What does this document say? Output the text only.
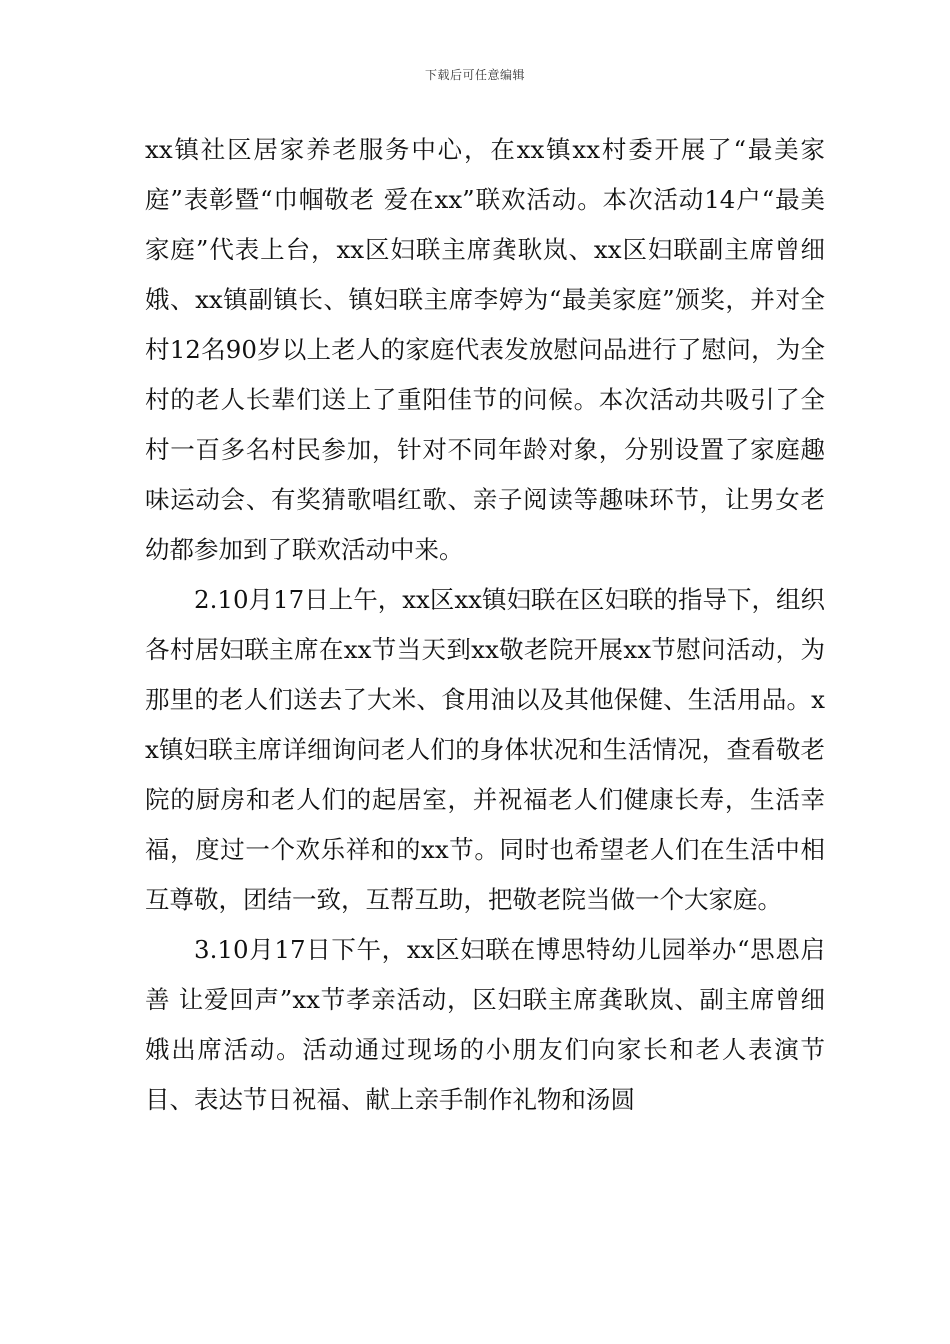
下载后可任意编辑

xx镇社区居家养老服务中心，在xx镇xx村委开展了“最美家庭”表彰暨“巾帼敬老 爱在xx”联欢活动。本次活动14户“最美家庭”代表上台，xx区妇联主席龚耿岚、xx区妇联副主席曾细娥、xx镇副镇长、镇妇联主席李婷为“最美家庭”颁奖，并对全村12名90岁以上老人的家庭代表发放慰问品进行了慰问，为全村的老人长辈们送上了重阳佳节的问候。本次活动共吸引了全村一百多名村民参加，针对不同年龄对象，分别设置了家庭趣味运动会、有奖猜歌唱红歌、亲子阅读等趣味环节，让男女老幼都参加到了联欢活动中来。

2.10月17日上午，xx区xx镇妇联在区妇联的指导下，组织各村居妇联主席在xx节当天到xx敬老院开展xx节慰问活动，为那里的老人们送去了大米、食用油以及其他保健、生活用品。xx镇妇联主席详细询问老人们的身体状况和生活情况，查看敬老院的厨房和老人们的起居室，并祝福老人们健康长寿，生活幸福，度过一个欢乐祥和的xx节。同时也希望老人们在生活中相互尊敬，团结一致，互帮互助，把敬老院当做一个大家庭。

3.10月17日下午，xx区妇联在博思特幼儿园举办“思恩启善 让爱回声”xx节孝亲活动，区妇联主席龚耿岚、副主席曾细娥出席活动。活动通过现场的小朋友们向家长和老人表演节目、表达节日祝福、献上亲手制作礼物和汤圆
